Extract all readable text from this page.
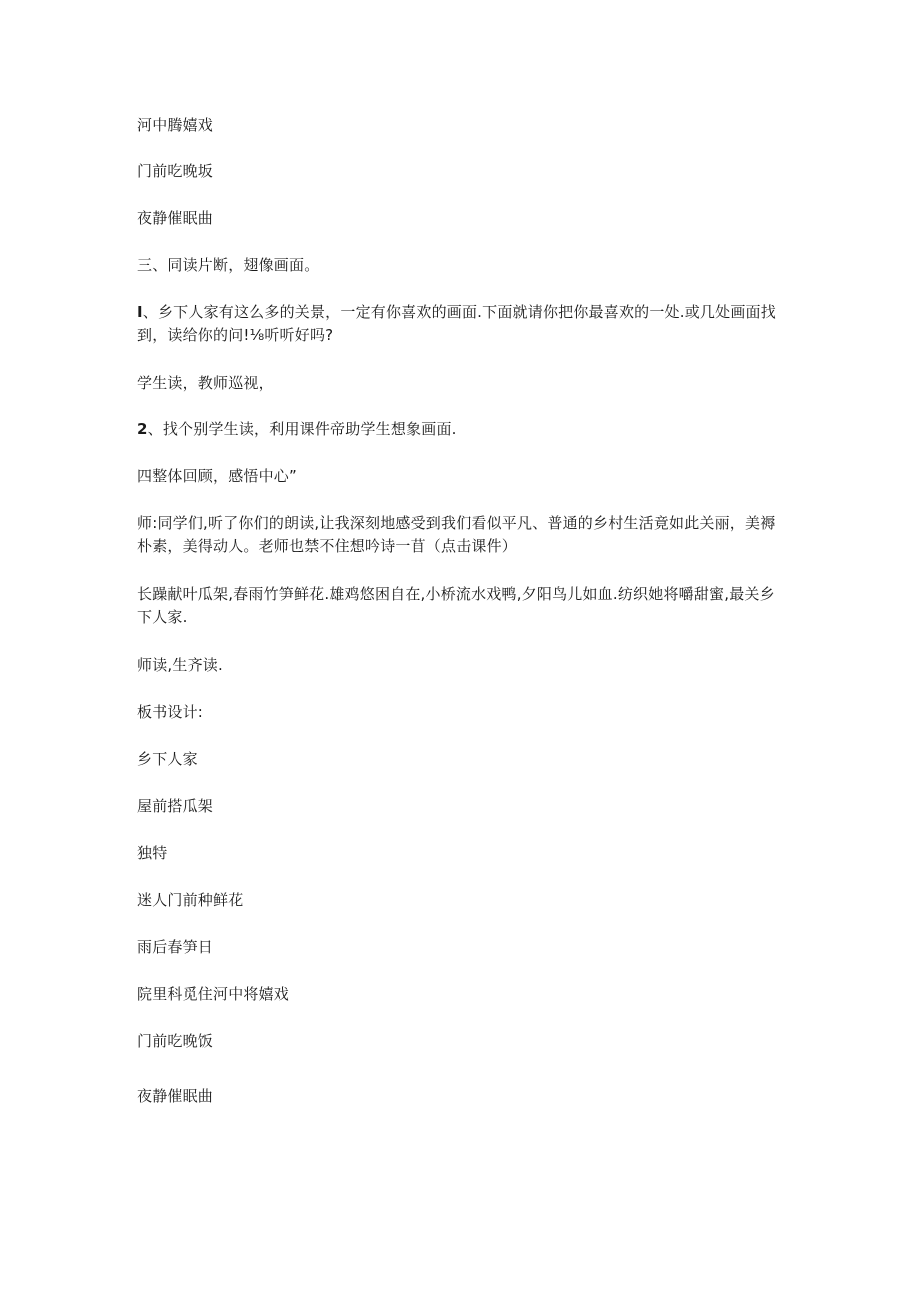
河中腾嬉戏
门前吃晚坂
夜静催眠曲
三、同读片断，翅像画面。
I、乡下人家有这么多的关景，一定有你喜欢的画面.下面就请你把你最喜欢的一处.或几处画面找
到，读给你的问!⅛听听好吗?
学生读，教师巡视，
2、找个别学生读，利用课件帝助学生想象画面.
四整体回顾，感悟中心”
师:同学们,听了你们的朗读,让我深刻地感受到我们看似平凡、普通的乡村生活竟如此关丽，美褥
朴素，美得动人。老师也禁不住想吟诗一苜（点击课件）
长躁献叶瓜架,春雨竹笋鲜花.雄鸡悠困自在,小桥流水戏鸭,夕阳鸟儿如血.纺织她将嚼甜蜜,最关乡
下人家.
师读,生齐读.
板书设计:
乡下人家
屋前搭瓜架
独特
迷人门前种鲜花
雨后春笋日
院里科觅住河中将嬉戏
门前吃晚饭
夜静催眠曲
